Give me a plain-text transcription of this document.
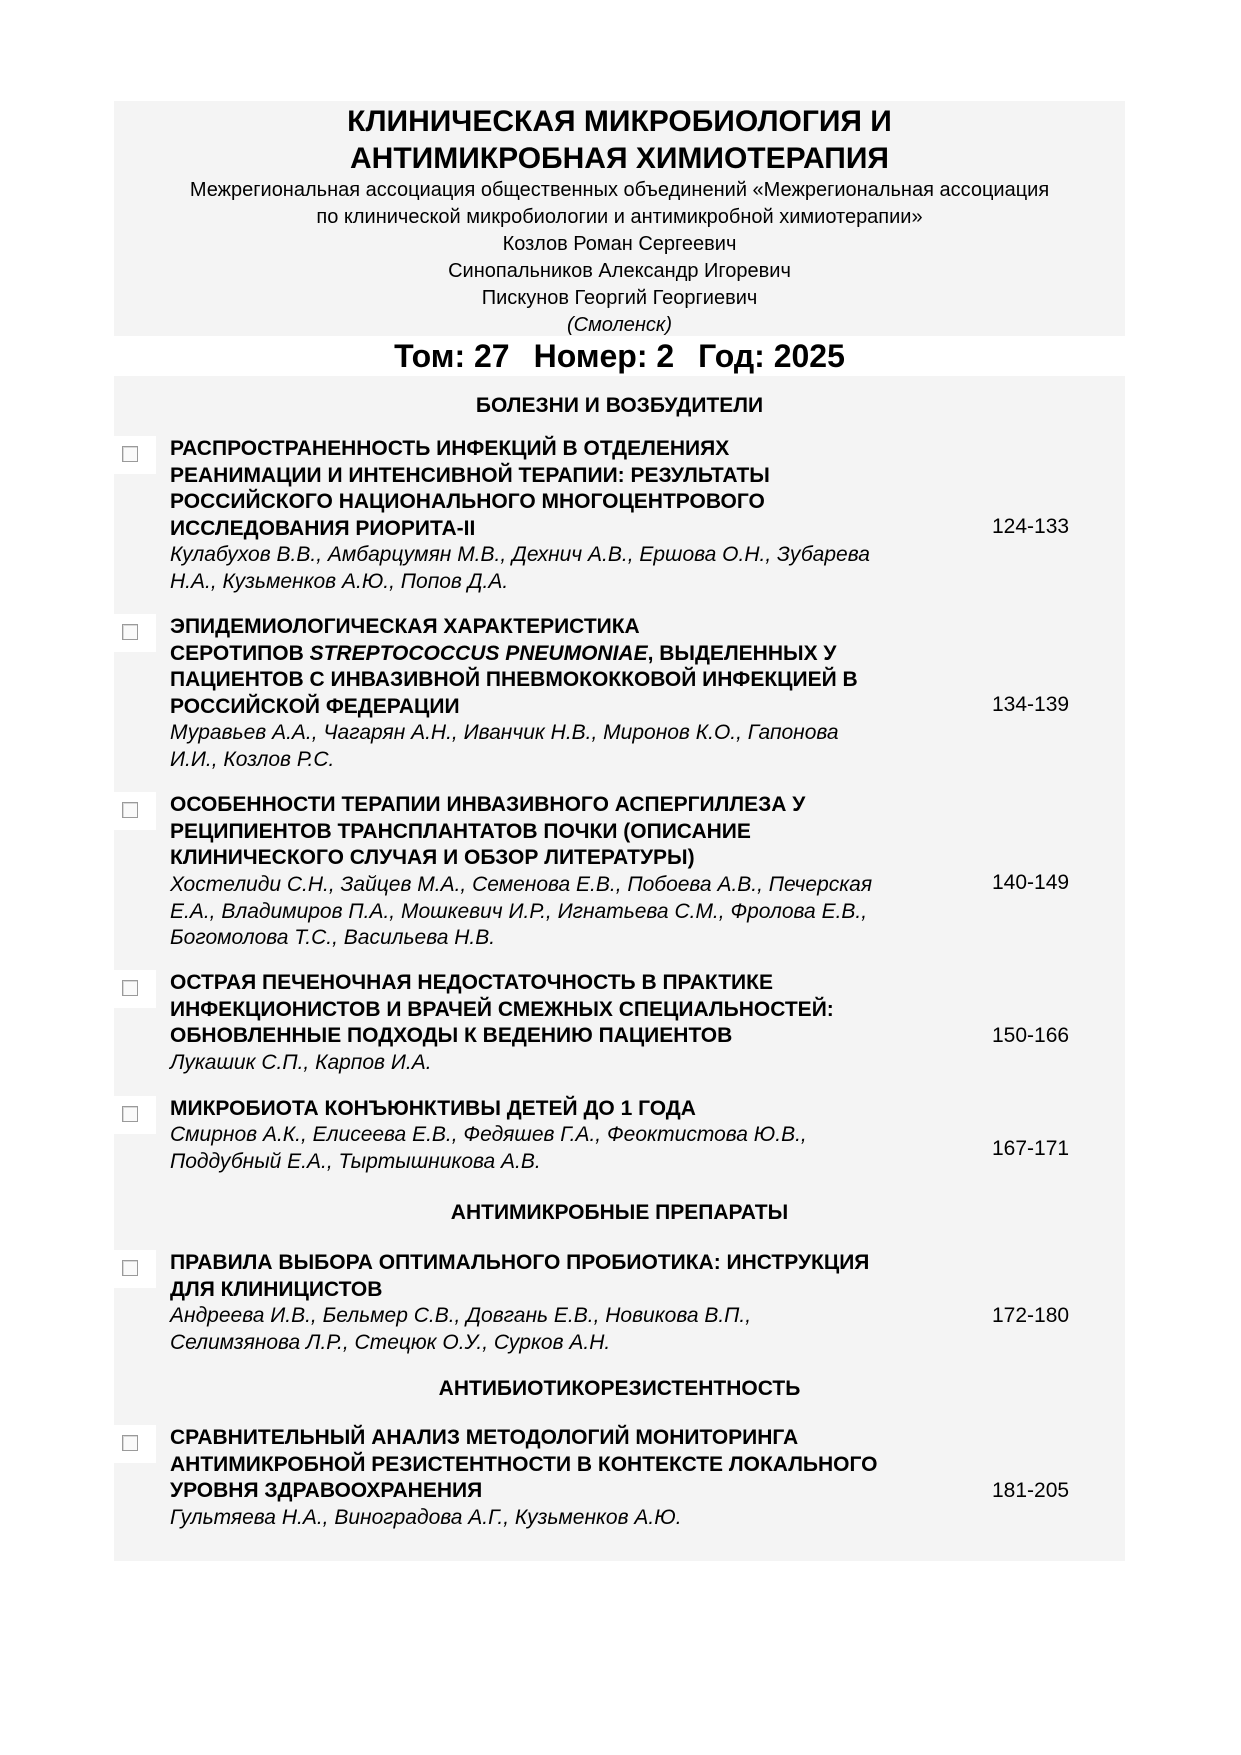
КЛИНИЧЕСКАЯ МИКРОБИОЛОГИЯ И
АНТИМИКРОБНАЯ ХИМИОТЕРАПИЯ
Межрегиональная ассоциация общественных объединений «Межрегиональная ассоциация
по клинической микробиологии и антимикробной химиотерапии»
Козлов Роман Сергеевич
Синопальников Александр Игоревич
Пискунов Георгий Георгиевич
(Смоленск)
Том: 27 Номер: 2 Год: 2025
БОЛЕЗНИ И ВОЗБУДИТЕЛИ
РАСПРОСТРАНЕННОСТЬ ИНФЕКЦИЙ В ОТДЕЛЕНИЯХ
РЕАНИМАЦИИ И ИНТЕНСИВНОЙ ТЕРАПИИ: РЕЗУЛЬТАТЫ
РОССИЙСКОГО НАЦИОНАЛЬНОГО МНОГОЦЕНТРОВОГО
ИССЛЕДОВАНИЯ РИОРИТА-II
Кулабухов В.В., Амбарцумян М.В., Дехнич А.В., Ершова О.Н., Зубарева
Н.А., Кузьменков А.Ю., Попов Д.А.
124-133
ЭПИДЕМИОЛОГИЧЕСКАЯ ХАРАКТЕРИСТИКА
СЕРОТИПОВ STREPTOCOCCUS PNEUMONIAE, ВЫДЕЛЕННЫХ У
ПАЦИЕНТОВ С ИНВАЗИВНОЙ ПНЕВМОКОККОВОЙ ИНФЕКЦИЕЙ В
РОССИЙСКОЙ ФЕДЕРАЦИИ
Муравьев А.А., Чагарян А.Н., Иванчик Н.В., Миронов К.О., Гапонова
И.И., Козлов Р.С.
134-139
ОСОБЕННОСТИ ТЕРАПИИ ИНВАЗИВНОГО АСПЕРГИЛЛЕЗА У
РЕЦИПИЕНТОВ ТРАНСПЛАНТАТОВ ПОЧКИ (ОПИСАНИЕ
КЛИНИЧЕСКОГО СЛУЧАЯ И ОБЗОР ЛИТЕРАТУРЫ)
Хостелиди С.Н., Зайцев М.А., Семенова Е.В., Побоева А.В., Печерская
Е.А., Владимиров П.А., Мошкевич И.Р., Игнатьева С.М., Фролова Е.В.,
Богомолова Т.С., Васильева Н.В.
140-149
ОСТРАЯ ПЕЧЕНОЧНАЯ НЕДОСТАТОЧНОСТЬ В ПРАКТИКЕ
ИНФЕКЦИОНИСТОВ И ВРАЧЕЙ СМЕЖНЫХ СПЕЦИАЛЬНОСТЕЙ:
ОБНОВЛЕННЫЕ ПОДХОДЫ К ВЕДЕНИЮ ПАЦИЕНТОВ
Лукашик С.П., Карпов И.А.
150-166
МИКРОБИОТА КОНЪЮНКТИВЫ ДЕТЕЙ ДО 1 ГОДА
Смирнов А.К., Елисеева Е.В., Федяшев Г.А., Феоктистова Ю.В.,
Поддубный Е.А., Тыртышникова А.В.
167-171
АНТИМИКРОБНЫЕ ПРЕПАРАТЫ
ПРАВИЛА ВЫБОРА ОПТИМАЛЬНОГО ПРОБИОТИКА: ИНСТРУКЦИЯ
ДЛЯ КЛИНИЦИСТОВ
Андреева И.В., Бельмер С.В., Довгань Е.В., Новикова В.П.,
Селимзянова Л.Р., Стецюк О.У., Сурков А.Н.
172-180
АНТИБИОТИКОРЕЗИСТЕНТНОСТЬ
СРАВНИТЕЛЬНЫЙ АНАЛИЗ МЕТОДОЛОГИЙ МОНИТОРИНГА
АНТИМИКРОБНОЙ РЕЗИСТЕНТНОСТИ В КОНТЕКСТЕ ЛОКАЛЬНОГО
УРОВНЯ ЗДРАВООХРАНЕНИЯ
Гультяева Н.А., Виноградова А.Г., Кузьменков А.Ю.
181-205
